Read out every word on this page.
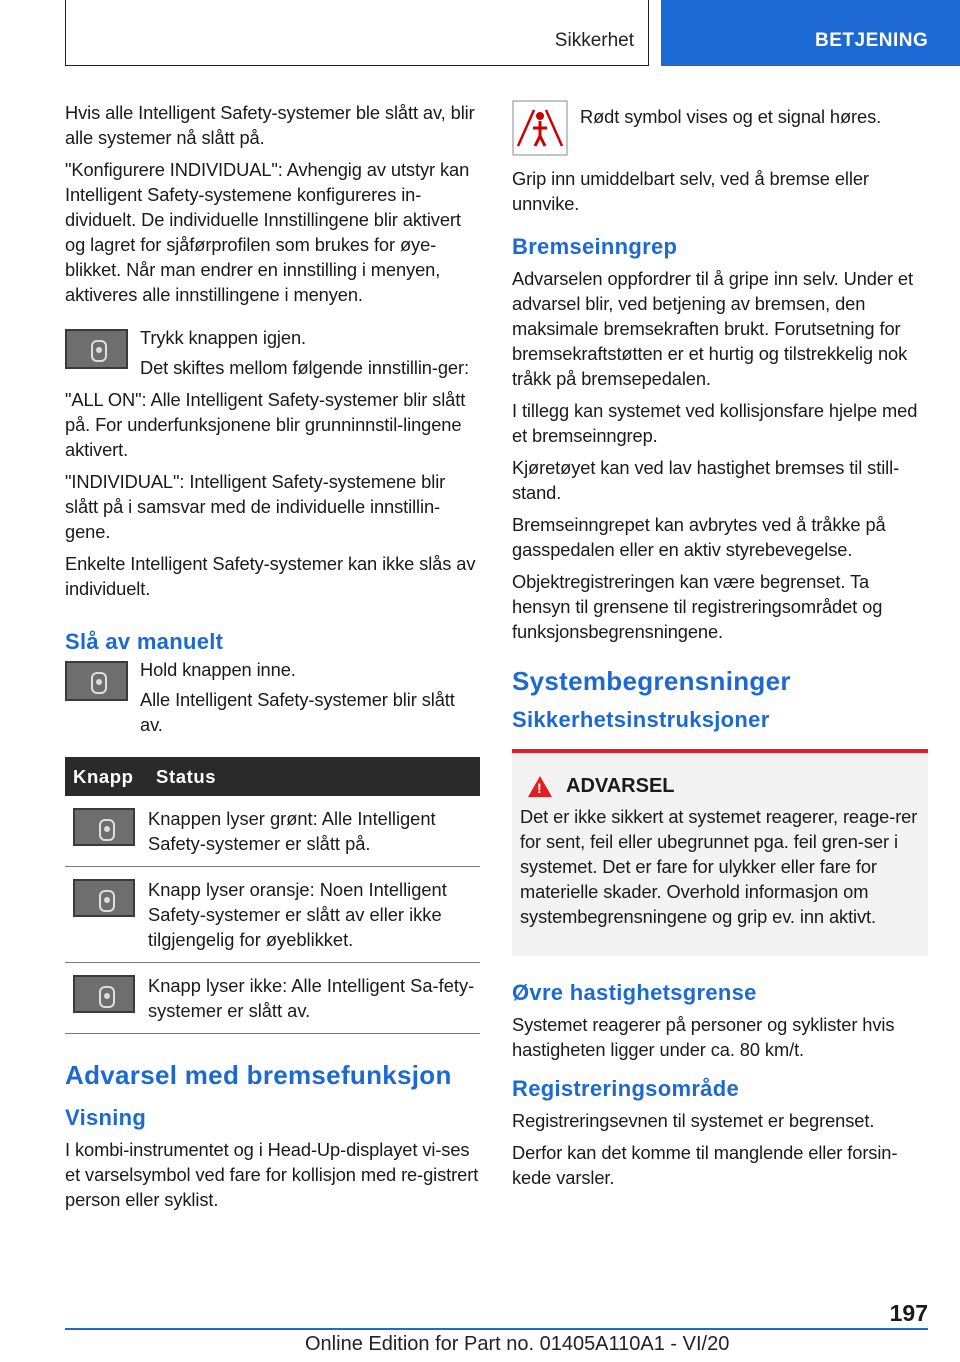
Sikkerhet	BETJENING

Hvis alle Intelligent Safety-systemer ble slått av, blir alle systemer nå slått på.

"Konfigurere INDIVIDUAL": Avhengig av utstyr kan Intelligent Safety-systemene konfigureres in-dividuelt. De individuelle Innstillingene blir aktivert og lagret for sjåførprofilen som brukes for øye-blikket. Når man endrer en innstilling i menyen, aktiveres alle innstillingene i menyen.

Trykk knappen igjen.

Det skiftes mellom følgende innstillin-ger:

"ALL ON": Alle Intelligent Safety-systemer blir slått på. For underfunksjonene blir grunninnstil-lingene aktivert.

"INDIVIDUAL": Intelligent Safety-systemene blir slått på i samsvar med de individuelle innstillin-gene.

Enkelte Intelligent Safety-systemer kan ikke slås av individuelt.

Slå av manuelt

Hold knappen inne.

Alle Intelligent Safety-systemer blir slått av.

Knapp	Status

	Knappen lyser grønt: Alle Intelligent Safety-systemer er slått på.

	Knapp lyser oransje: Noen Intelligent Safety-systemer er slått av eller ikke tilgjengelig for øyeblikket.

	Knapp lyser ikke: Alle Intelligent Sa-fety-systemer er slått av.
Advarsel med bremsefunksjon
Visning

I kombi-instrumentet og i Head-Up-displayet vi-ses et varselsymbol ved fare for kollisjon med re-gistrert person eller syklist.

Rødt symbol vises og et signal høres.

Grip inn umiddelbart selv, ved å bremse eller unnvike.

Bremseinngrep

Advarselen oppfordrer til å gripe inn selv. Under et advarsel blir, ved betjening av bremsen, den maksimale bremsekraften brukt. Forutsetning for bremsekraftstøtten er et hurtig og tilstrekkelig nok tråkk på bremsepedalen.

I tillegg kan systemet ved kollisjonsfare hjelpe med et bremseinngrep.

Kjøretøyet kan ved lav hastighet bremses til still-stand.

Bremseinngrepet kan avbrytes ved å tråkke på gasspedalen eller en aktiv styrebevegelse.

Objektregistreringen kan være begrenset. Ta hensyn til grensene til registreringsområdet og funksjonsbegrensningene.

Systembegrensninger
Sikkerhetsinstruksjoner
!
ADVARSEL

Det er ikke sikkert at systemet reagerer, reage-rer for sent, feil eller ubegrunnet pga. feil gren-ser i systemet. Det er fare for ulykker eller fare for materielle skader. Overhold informasjon om systembegrensningene og grip ev. inn aktivt.

Øvre hastighetsgrense

Systemet reagerer på personer og syklister hvis hastigheten ligger under ca. 80 km/t.

Registreringsområde

Registreringsevnen til systemet er begrenset.

Derfor kan det komme til manglende eller forsin-kede varsler.

197
Online Edition for Part no. 01405A110A1 - VI/20
